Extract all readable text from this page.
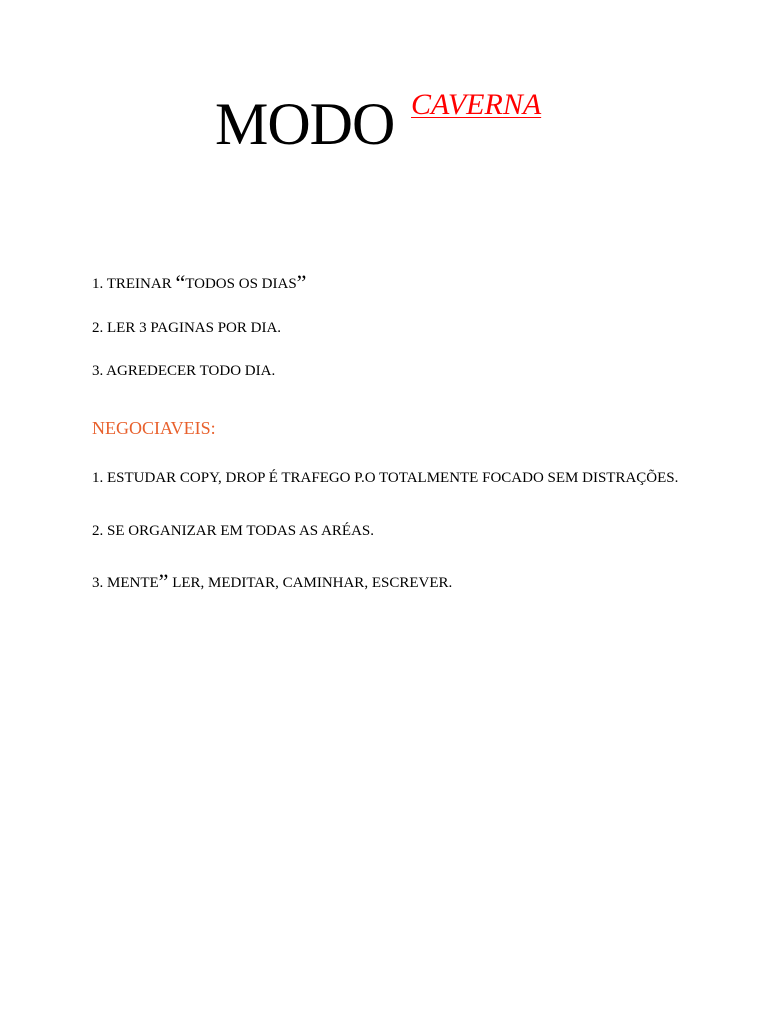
MODO CAVERNA
1. TREINAR “TODOS OS DIAS”
2. LER 3 PAGINAS POR DIA.
3. AGREDECER TODO DIA.
NEGOCIAVEIS:
1. ESTUDAR COPY, DROP É TRAFEGO P.O TOTALMENTE FOCADO SEM DISTRAÇÕES.
2. SE ORGANIZAR EM TODAS AS ARÉAS.
3. MENTE” LER, MEDITAR, CAMINHAR, ESCREVER.
